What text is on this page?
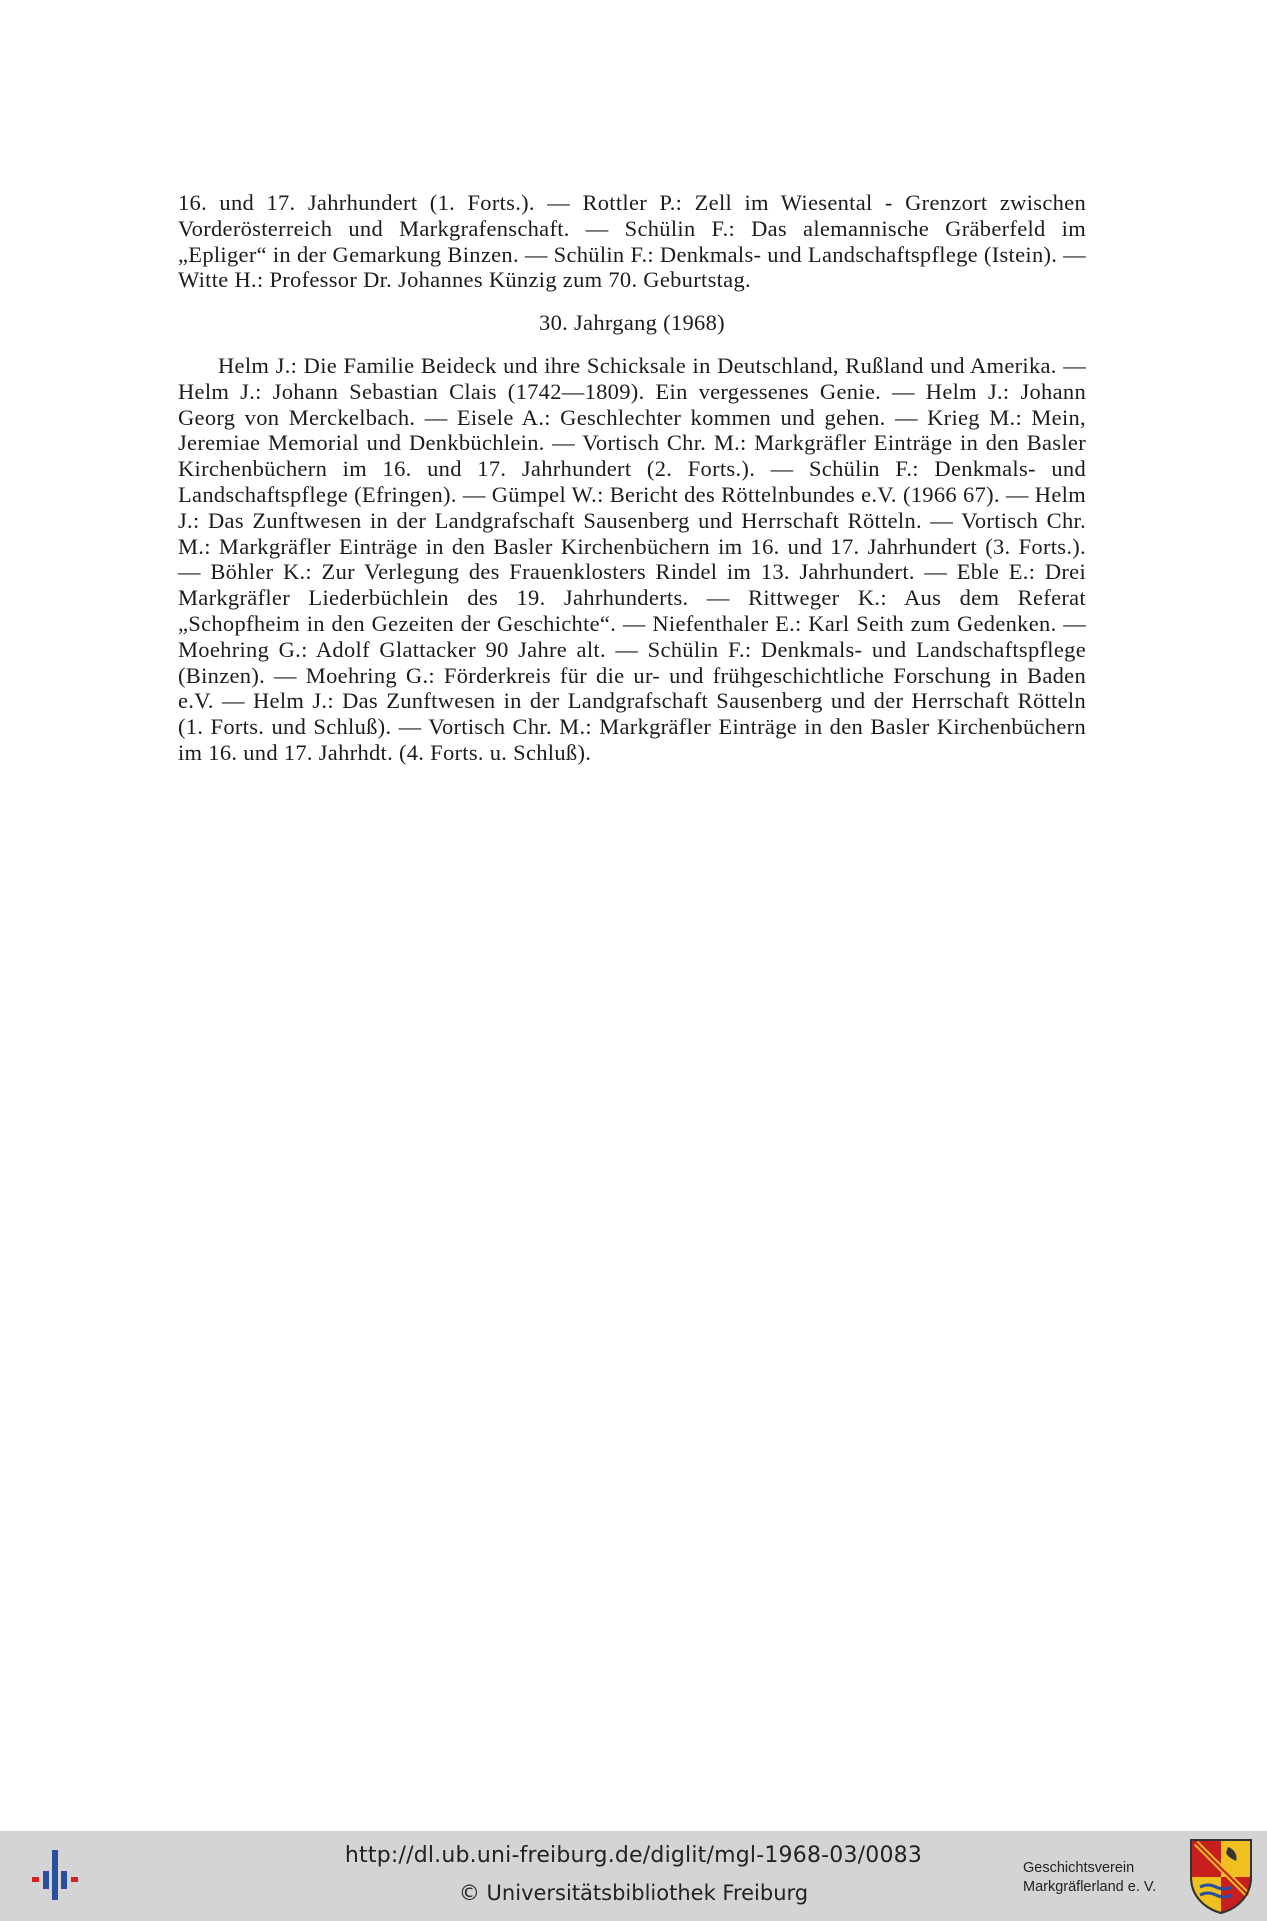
16. und 17. Jahrhundert (1. Forts.). — Rottler P.: Zell im Wiesental - Grenzort zwischen Vorderösterreich und Markgrafenschaft. — Schülin F.: Das alemannische Gräberfeld im „Epliger“ in der Gemarkung Binzen. — Schülin F.: Denkmals- und Landschaftspflege (Istein). — Witte H.: Professor Dr. Johannes Künzig zum 70. Geburtstag.

30. Jahrgang (1968)

Helm J.: Die Familie Beideck und ihre Schicksale in Deutschland, Rußland und Amerika. — Helm J.: Johann Sebastian Clais (1742—1809). Ein vergessenes Genie. — Helm J.: Johann Georg von Merckelbach. — Eisele A.: Geschlechter kommen und gehen. — Krieg M.: Mein, Jeremiae Memorial und Denkbüchlein. — Vortisch Chr. M.: Markgräfler Einträge in den Basler Kirchenbüchern im 16. und 17. Jahrhundert (2. Forts.). — Schülin F.: Denkmals- und Landschaftspflege (Efringen). — Gümpel W.: Bericht des Röttelnbundes e.V. (1966 67). — Helm J.: Das Zunftwesen in der Landgrafschaft Sausenberg und Herrschaft Rötteln. — Vortisch Chr. M.: Markgräfler Einträge in den Basler Kirchenbüchern im 16. und 17. Jahrhundert (3. Forts.). — Böhler K.: Zur Verlegung des Frauenklosters Rindel im 13. Jahrhundert. — Eble E.: Drei Markgräfler Liederbüchlein des 19. Jahrhunderts. — Rittweger K.: Aus dem Referat „Schopfheim in den Gezeiten der Geschichte“. — Niefenthaler E.: Karl Seith zum Gedenken. — Moehring G.: Adolf Glattacker 90 Jahre alt. — Schülin F.: Denkmals- und Landschaftspflege (Binzen). — Moehring G.: Förderkreis für die ur- und frühgeschichtliche Forschung in Baden e.V. — Helm J.: Das Zunftwesen in der Landgrafschaft Sausenberg und der Herrschaft Rötteln (1. Forts. und Schluß). — Vortisch Chr. M.: Markgräfler Einträge in den Basler Kirchenbüchern im 16. und 17. Jahrhdt. (4. Forts. u. Schluß).

http://dl.ub.uni-freiburg.de/diglit/mgl-1968-03/0083
© Universitätsbibliothek Freiburg
Geschichtsverein
Markgräflerland e. V.
